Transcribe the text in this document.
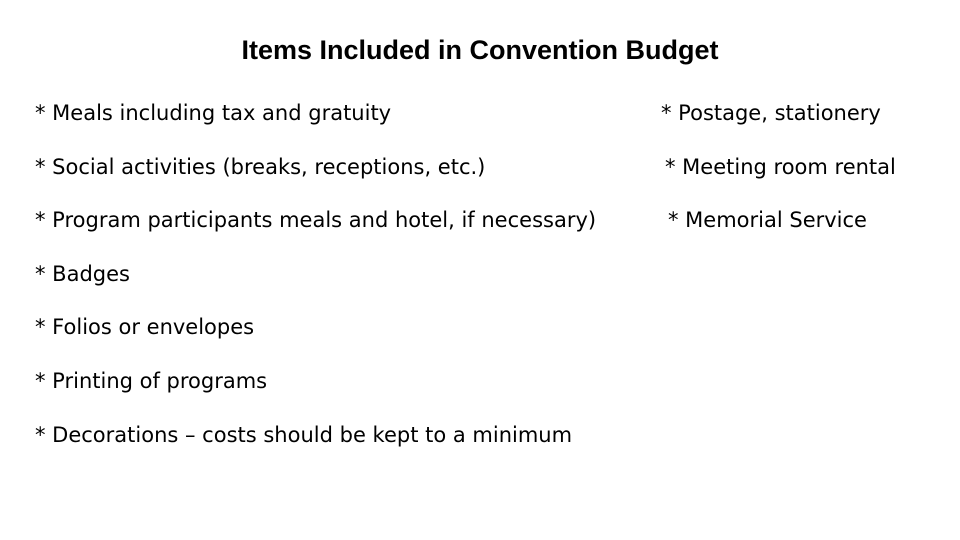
Items Included in Convention Budget
* Meals including tax and gratuity
* Social activities (breaks, receptions, etc.)
* Program participants meals and hotel, if necessary)
* Badges
* Folios or envelopes
* Printing of programs
* Decorations – costs should be kept to a minimum
* Postage, stationery
* Meeting room rental
* Memorial Service
